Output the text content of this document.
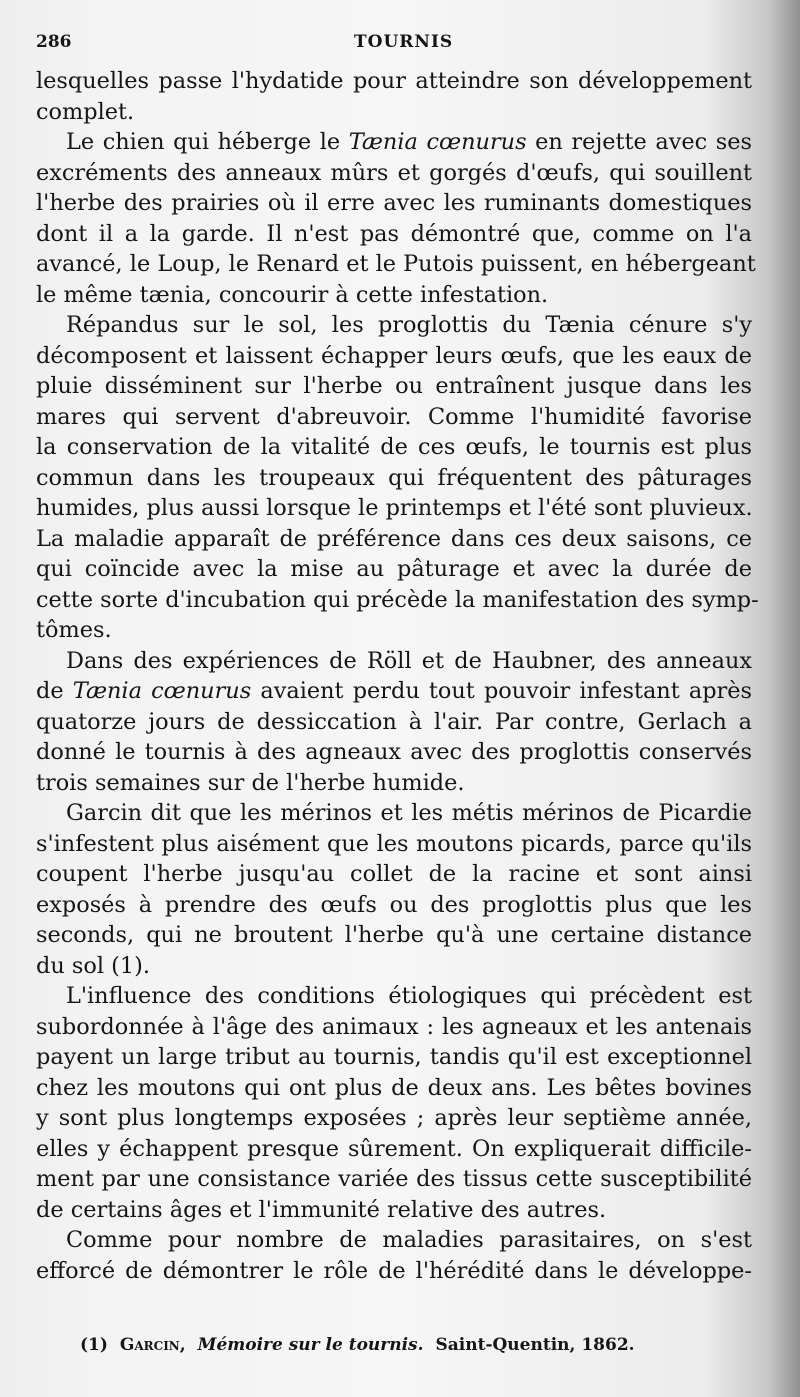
286	TOURNIS
lesquelles passe l'hydatide pour atteindre son développement
complet.
Le chien qui héberge le Tænia cœnurus en rejette avec ses
excréments des anneaux mûrs et gorgés d'œufs, qui souillent
l'herbe des prairies où il erre avec les ruminants domestiques
dont il a la garde. Il n'est pas démontré que, comme on l'a
avancé, le Loup, le Renard et le Putois puissent, en hébergeant
le même tænia, concourir à cette infestation.
Répandus sur le sol, les proglottis du Tænia cénure s'y
décomposent et laissent échapper leurs œufs, que les eaux de
pluie disséminent sur l'herbe ou entraînent jusque dans les
mares qui servent d'abreuvoir. Comme l'humidité favorise
la conservation de la vitalité de ces œufs, le tournis est plus
commun dans les troupeaux qui fréquentent des pâturages
humides, plus aussi lorsque le printemps et l'été sont pluvieux.
La maladie apparaît de préférence dans ces deux saisons, ce
qui coïncide avec la mise au pâturage et avec la durée de
cette sorte d'incubation qui précède la manifestation des symp-
tômes.
Dans des expériences de Röll et de Haubner, des anneaux
de Tænia cœnurus avaient perdu tout pouvoir infestant après
quatorze jours de dessiccation à l'air. Par contre, Gerlach a
donné le tournis à des agneaux avec des proglottis conservés
trois semaines sur de l'herbe humide.
Garcin dit que les mérinos et les métis mérinos de Picardie
s'infestent plus aisément que les moutons picards, parce qu'ils
coupent l'herbe jusqu'au collet de la racine et sont ainsi
exposés à prendre des œufs ou des proglottis plus que les
seconds, qui ne broutent l'herbe qu'à une certaine distance
du sol (1).
L'influence des conditions étiologiques qui précèdent est
subordonnée à l'âge des animaux : les agneaux et les antenais
payent un large tribut au tournis, tandis qu'il est exceptionnel
chez les moutons qui ont plus de deux ans. Les bêtes bovines
y sont plus longtemps exposées ; après leur septième année,
elles y échappent presque sûrement. On expliquerait difficile-
ment par une consistance variée des tissus cette susceptibilité
de certains âges et l'immunité relative des autres.
Comme pour nombre de maladies parasitaires, on s'est
efforcé de démontrer le rôle de l'hérédité dans le développe-
(1) Garcin, Mémoire sur le tournis. Saint-Quentin, 1862.
